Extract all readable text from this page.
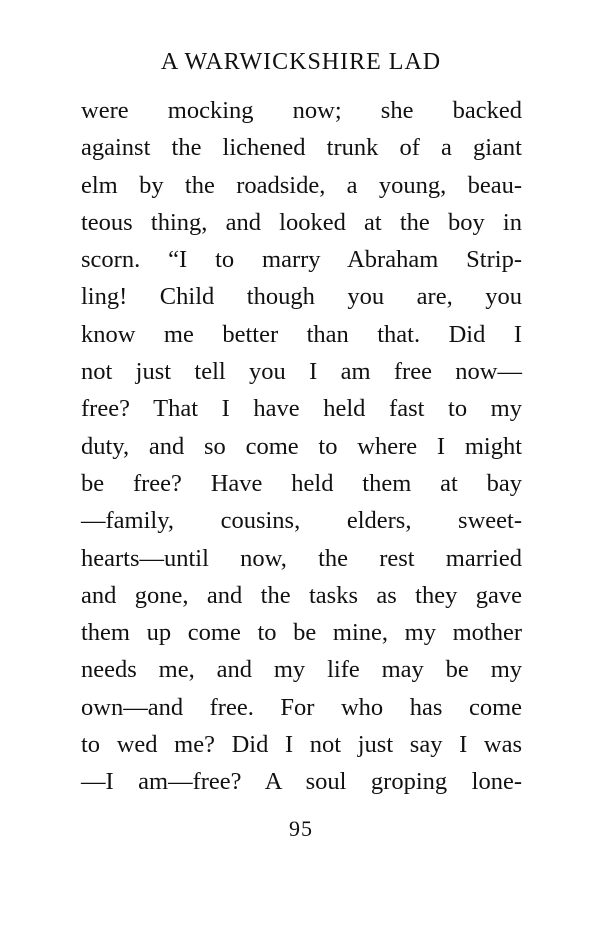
A WARWICKSHIRE LAD
were mocking now; she backed
against the lichened trunk of a giant
elm by the roadside, a young, beau-
teous thing, and looked at the boy in
scorn. “I to marry Abraham Strip-
ling! Child though you are, you
know me better than that. Did I
not just tell you I am free now—
free? That I have held fast to my
duty, and so come to where I might
be free? Have held them at bay
—family, cousins, elders, sweet-
hearts—until now, the rest married
and gone, and the tasks as they gave
them up come to be mine, my mother
needs me, and my life may be my
own—and free. For who has come
to wed me? Did I not just say I was
—I am—free? A soul groping lone-
95
